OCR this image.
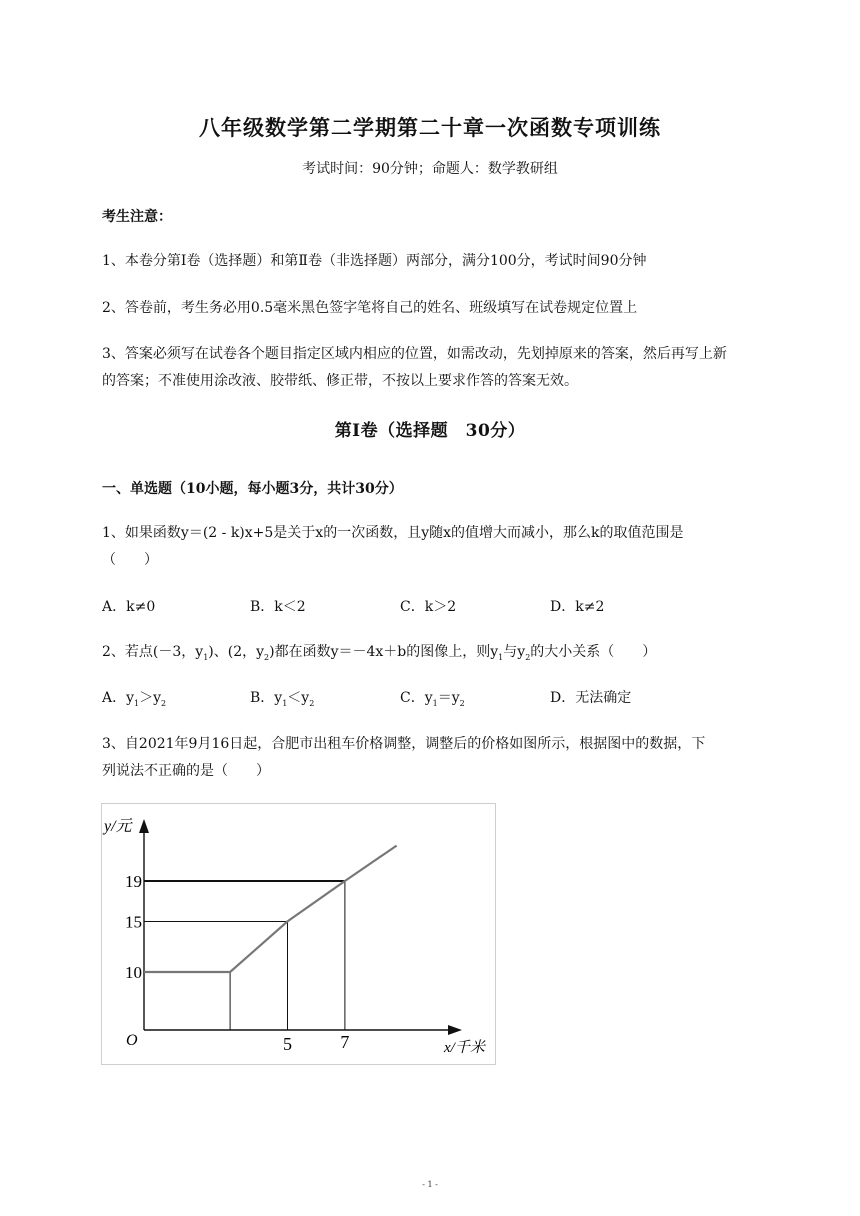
八年级数学第二学期第二十章一次函数专项训练
考试时间：90分钟；命题人：数学教研组
考生注意：
1、本卷分第Ⅰ卷（选择题）和第Ⅱ卷（非选择题）两部分，满分100分，考试时间90分钟
2、答卷前，考生务必用0.5毫米黑色签字笔将自己的姓名、班级填写在试卷规定位置上
3、答案必须写在试卷各个题目指定区域内相应的位置，如需改动，先划掉原来的答案，然后再写上新
的答案；不准使用涂改液、胶带纸、修正带，不按以上要求作答的答案无效。
第Ⅰ卷（选择题　30分）
一、单选题（10小题，每小题3分，共计30分）
1、如果函数y＝(2 - k)x+5是关于x的一次函数，且y随x的值增大而减小，那么k的取值范围是
（　　）
A．k≠0	B．k＜2	C．k＞2	D．k≠2
2、若点(－3，$y_1$)、(2，$y_2$)都在函数y＝－4x＋b的图像上，则$y_1$与$y_2$的大小关系（　　）
A．$y_1>y_2$	B．$y_1<y_2$	C．$y_1=y_2$	D．无法确定
3、自2021年9月16日起，合肥市出租车价格调整，调整后的价格如图所示，根据图中的数据，下
列说法不正确的是（　　）
y/元
x/千米
O	5	7
10
15
19
- 1 -
